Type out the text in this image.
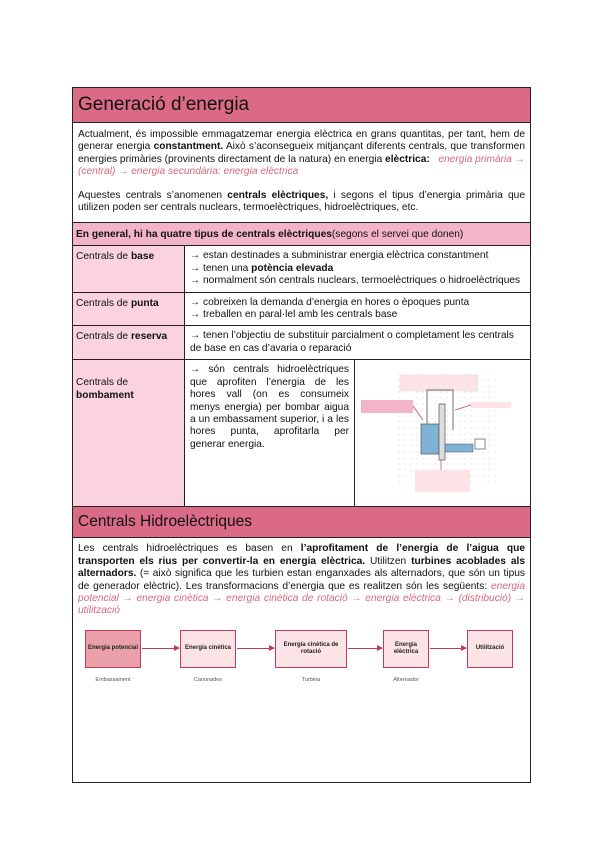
Generació d’energia

Actualment, és impossible emmagatzemar energia elèctrica en grans quantitas, per tant, hem de generar energia constantment. Això s’aconsegueix mitjançant diferents centrals, que transformen energies primàries (provinents directament de la natura) en energia elèctrica: energia primària → (central) → energia secundària: energia elèctrica

Aquestes centrals s’anomenen centrals elèctriques, i segons el tipus d’energia primària que utilizen poden ser centrals nuclears, termoelèctriques, hidroelèctriques, etc.

En general, hi ha quatre tipus de centrals elèctriques (segons el servei que donen)
Centrals de base	→ estan destinades a subministrar energia elèctrica constantment
→ tenen una potència elevada
→ normalment són centrals nuclears, termoelèctriques o hidroelèctriques
Centrals de punta	→ cobreixen la demanda d’energia en hores o èpoques punta
→ treballen en paral·lel amb les centrals base
Centrals de reserva	→ tenen l’objectiu de substituir parcialment o completament les centrals de base en cas d’avaria o reparació
Centrals de
bombament
→ són centrals hidroelèctriques que aprofiten l’energia de les hores vall (on es consumeix menys energia) per bombar aigua a un embassament superior, i a les hores punta, aprofitarla per generar energia.
Centrals Hidroelèctriques
Les centrals hidroelèctriques es basen en l’aprofitament de l’energia de l’aigua que transporten els rius per convertir-la en energia elèctrica. Utilitzen turbines acoblades als alternadors. (= això significa que les turbien estan enganxades als alternadors, que són un tipus de generador elèctric). Les transformacions d’energia que es realitzen són les següents: energia potencial → energia cinètica → energia cinètica de rotació → energia elèctrica → (distribució) → utilització
Energia potencial	Energia cinètica
Energia cinètica de rotació
Energia elèctrica
Utilització
Embassament	Canonades	Turbina	Alternador
